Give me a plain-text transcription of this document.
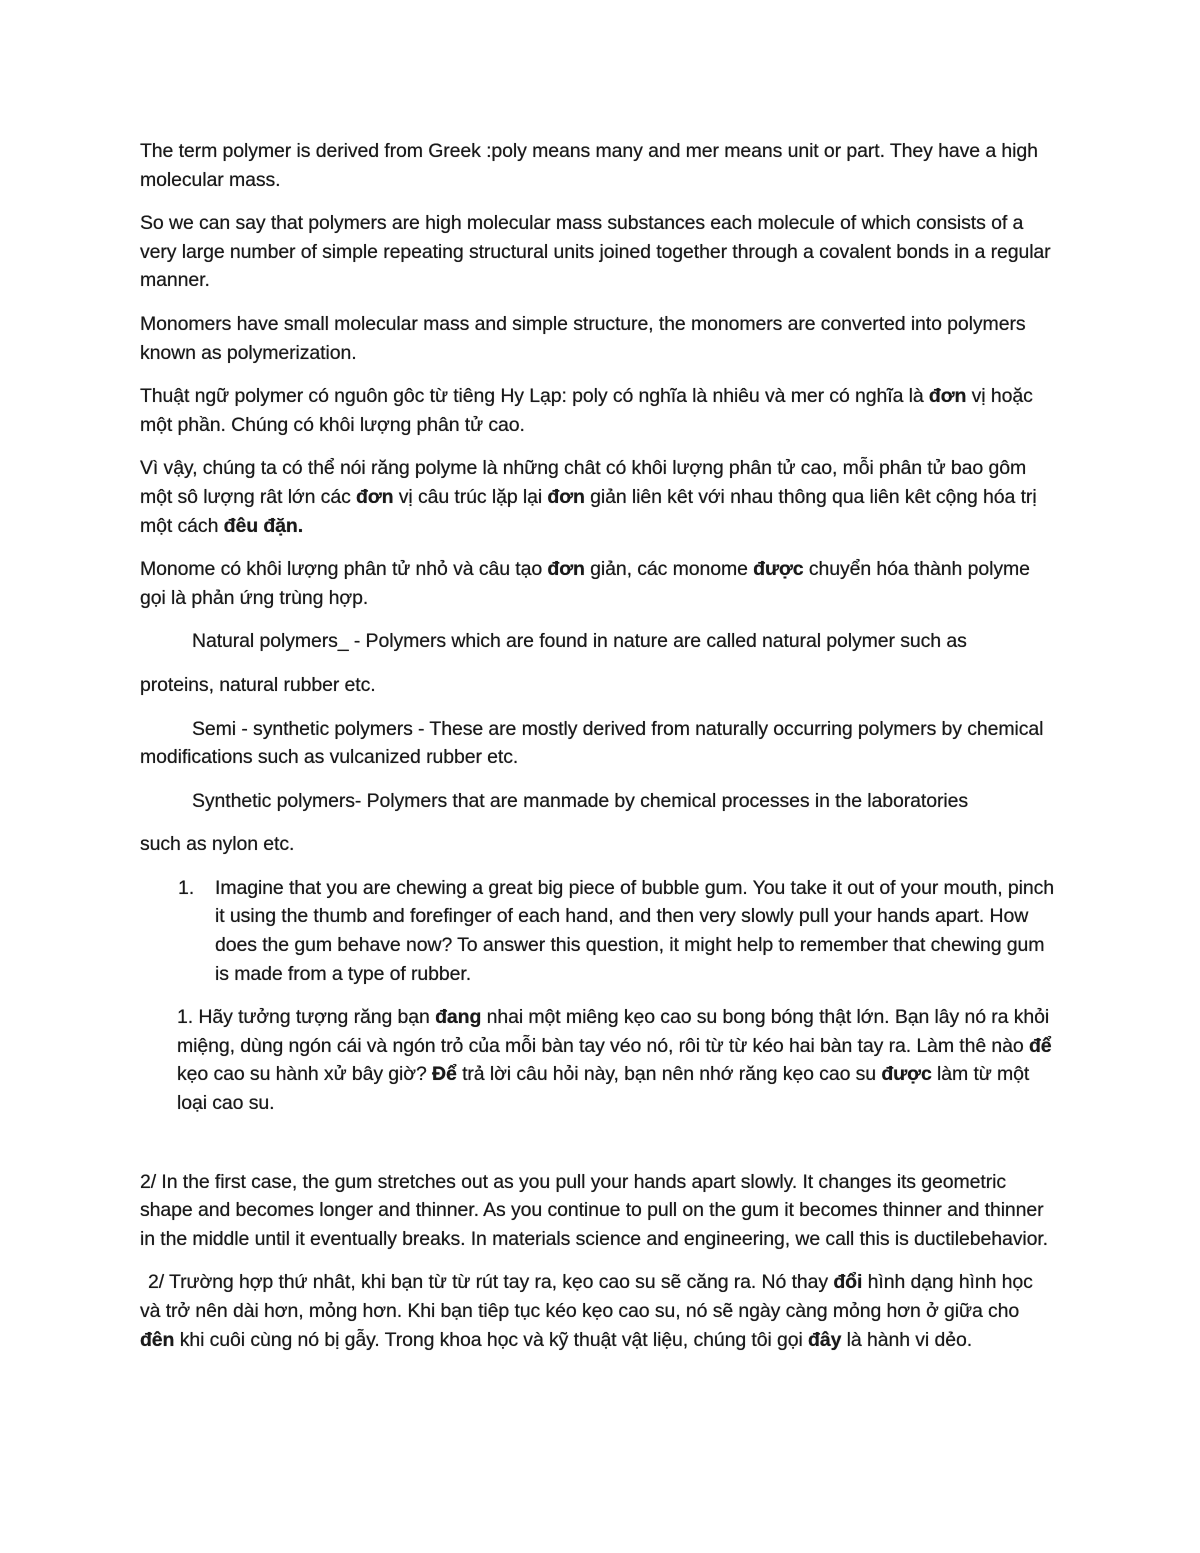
The term polymer is derived from Greek :poly means many and mer means unit or part. They have a high molecular mass.

So we can say that polymers are high molecular mass substances each molecule of which consists of a very large number of simple repeating structural units joined together through a covalent bonds in a regular manner.

Monomers have small molecular mass and simple structure, the monomers are converted into polymers known as polymerization.

Thuật ngữ polymer có nguôn gôc từ tiêng Hy Lạp: poly có nghĩa là nhiêu và mer có nghĩa là đơn vị hoặc một phần. Chúng có khôi lượng phân tử cao.

Vì vậy, chúng ta có thể nói răng polyme là những chât có khôi lượng phân tử cao, mỗi phân tử bao gôm một sô lượng rât lớn các đơn vị câu trúc lặp lại đơn giản liên kêt với nhau thông qua liên kêt cộng hóa trị một cách đêu đặn.

Monome có khôi lượng phân tử nhỏ và câu tạo đơn giản, các monome được chuyển hóa thành polyme gọi là phản ứng trùng hợp.

Natural polymers_ - Polymers which are found in nature are called natural polymer such as

proteins, natural rubber etc.

Semi - synthetic polymers - These are mostly derived from naturally occurring polymers by chemical modifications such as vulcanized rubber etc.

Synthetic polymers- Polymers that are manmade by chemical processes in the laboratories

such as nylon etc.

1. Imagine that you are chewing a great big piece of bubble gum. You take it out of your mouth, pinch it using the thumb and forefinger of each hand, and then very slowly pull your hands apart. How does the gum behave now? To answer this question, it might help to remember that chewing gum is made from a type of rubber.

1. Hãy tưởng tượng răng bạn đang nhai một miêng kẹo cao su bong bóng thật lớn. Bạn lây nó ra khỏi miệng, dùng ngón cái và ngón trỏ của mỗi bàn tay véo nó, rôi từ từ kéo hai bàn tay ra. Làm thê nào để kẹo cao su hành xử bây giờ? Để trả lời câu hỏi này, bạn nên nhớ răng kẹo cao su được làm từ một loại cao su.

2/ In the first case, the gum stretches out as you pull your hands apart slowly. It changes its geometric shape and becomes longer and thinner. As you continue to pull on the gum it becomes thinner and thinner in the middle until it eventually breaks. In materials science and engineering, we call this is ductilebehavior.

2/ Trường hợp thứ nhât, khi bạn từ từ rút tay ra, kẹo cao su sẽ căng ra. Nó thay đổi hình dạng hình học và trở nên dài hơn, mỏng hơn. Khi bạn tiêp tục kéo kẹo cao su, nó sẽ ngày càng mỏng hơn ở giữa cho đên khi cuôi cùng nó bị gẫy. Trong khoa học và kỹ thuật vật liệu, chúng tôi gọi đây là hành vi dẻo.
